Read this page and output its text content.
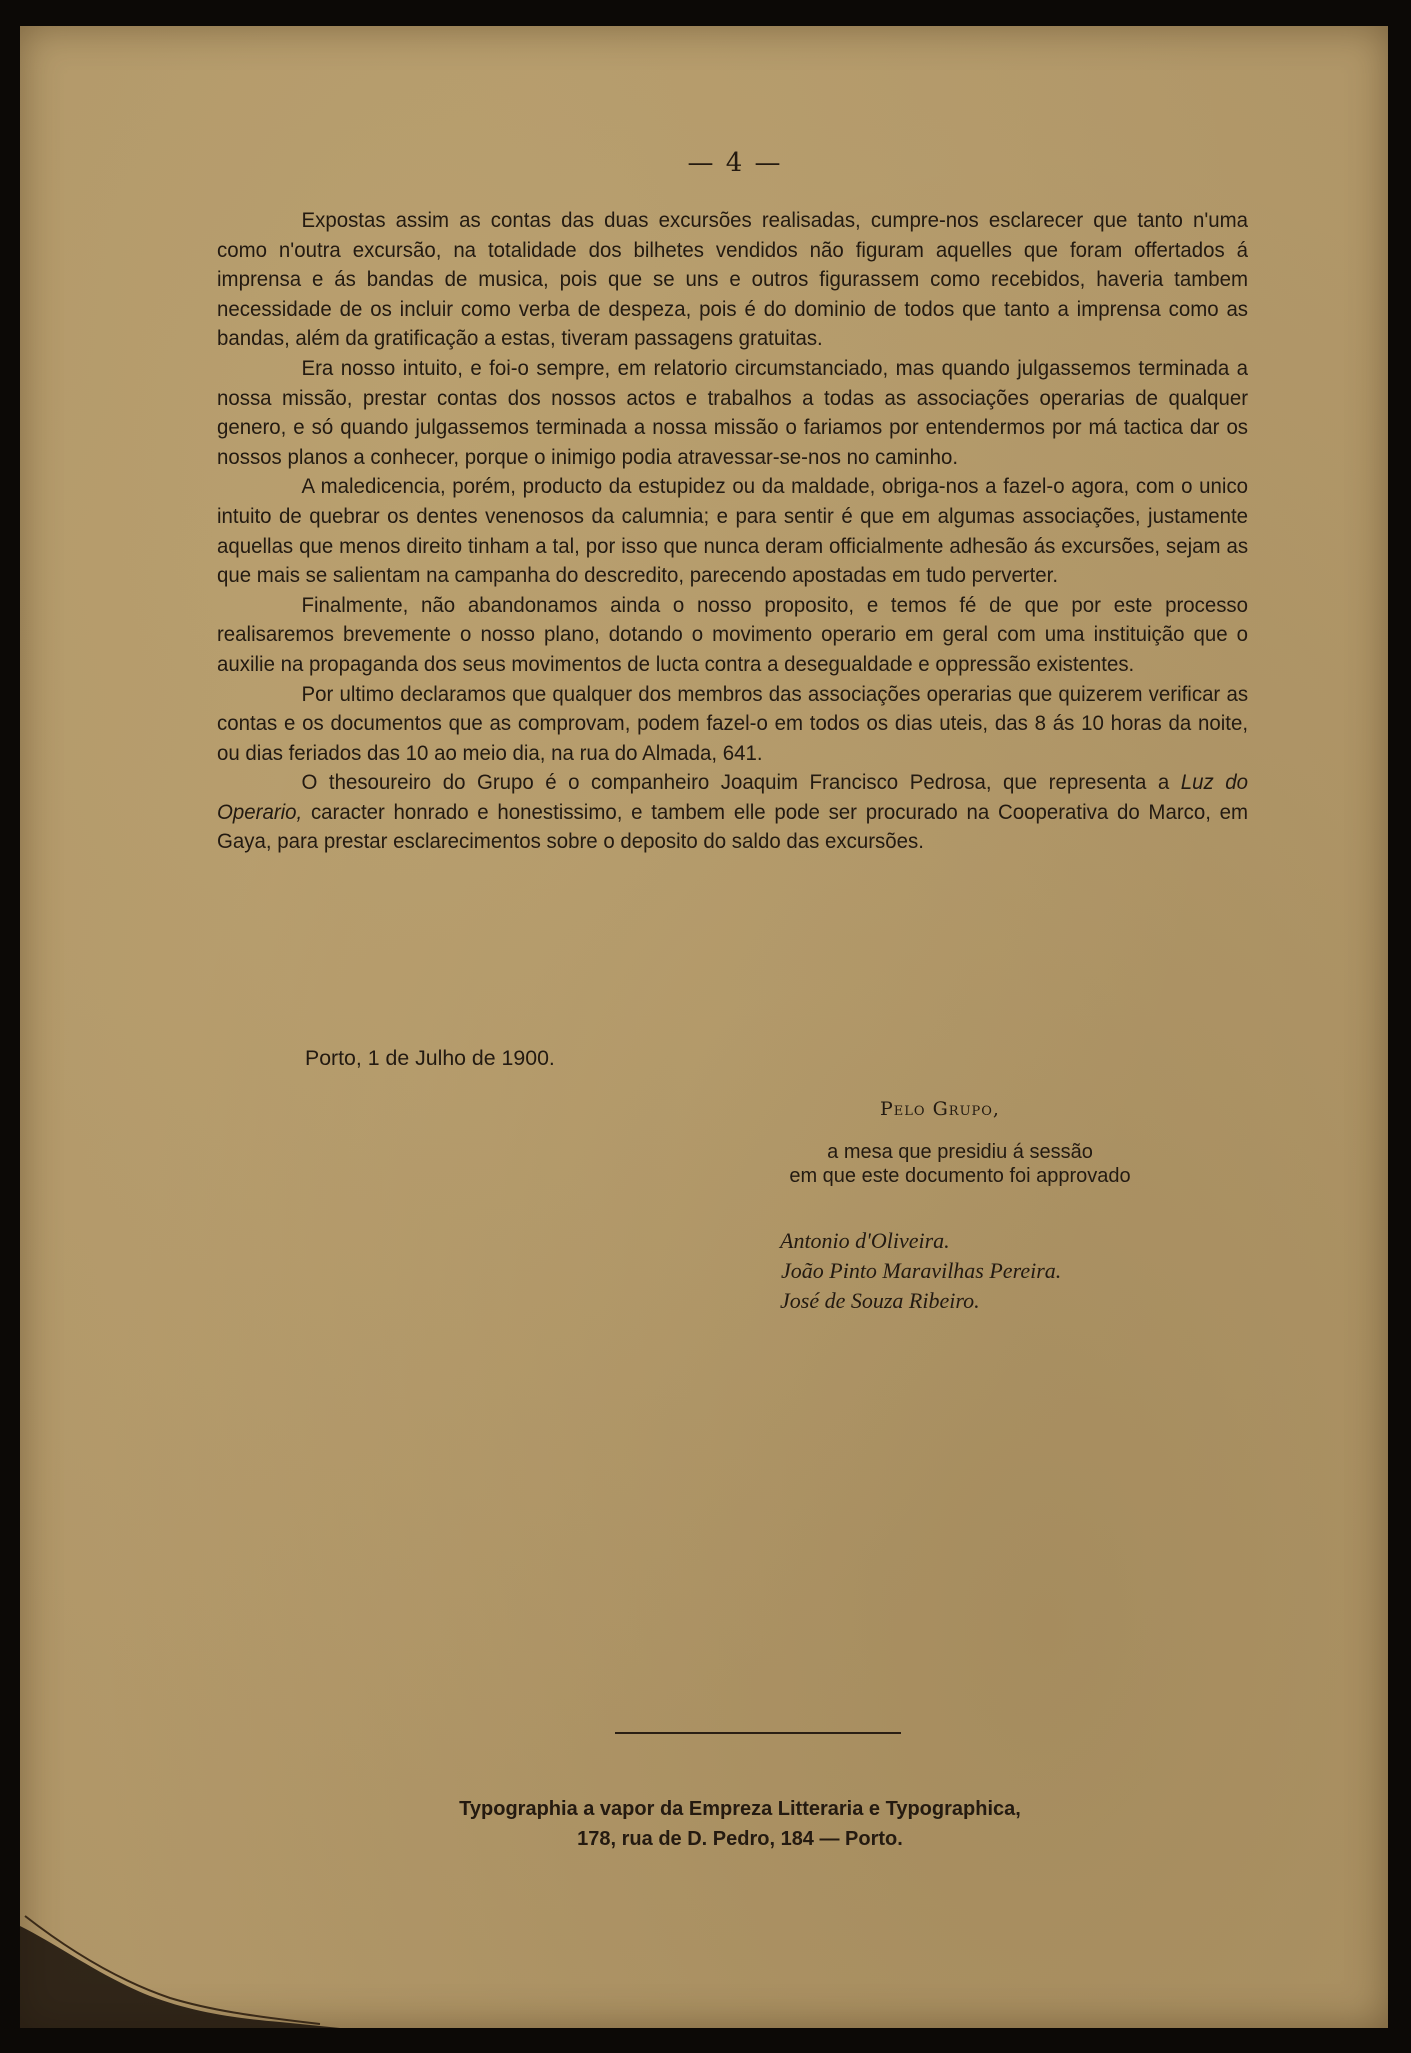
— 4 —

Expostas assim as contas das duas excursões realisadas, cumpre-nos esclarecer que tanto n'uma como n'outra excursão, na totalidade dos bilhetes vendidos não figuram aquelles que foram offertados á imprensa e ás bandas de musica, pois que se uns e outros figurassem como recebidos, haveria tambem necessidade de os incluir como verba de despeza, pois é do dominio de todos que tanto a imprensa como as bandas, além da gratificação a estas, tiveram passagens gratuitas.

Era nosso intuito, e foi-o sempre, em relatorio circumstanciado, mas quando julgassemos terminada a nossa missão, prestar contas dos nossos actos e trabalhos a todas as associações operarias de qualquer genero, e só quando julgassemos terminada a nossa missão o fariamos por entendermos por má tactica dar os nossos planos a conhecer, porque o inimigo podia atravessar-se-nos no caminho.

A maledicencia, porém, producto da estupidez ou da maldade, obriga-nos a fazel-o agora, com o unico intuito de quebrar os dentes venenosos da calumnia; e para sentir é que em algumas associações, justamente aquellas que menos direito tinham a tal, por isso que nunca deram officialmente adhesão ás excursões, sejam as que mais se salientam na campanha do descredito, parecendo apostadas em tudo perverter.

Finalmente, não abandonamos ainda o nosso proposito, e temos fé de que por este processo realisaremos brevemente o nosso plano, dotando o movimento operario em geral com uma instituição que o auxilie na propaganda dos seus movimentos de lucta contra a desegualdade e oppressão existentes.

Por ultimo declaramos que qualquer dos membros das associações operarias que quizerem verificar as contas e os documentos que as comprovam, podem fazel-o em todos os dias uteis, das 8 ás 10 horas da noite, ou dias feriados das 10 ao meio dia, na rua do Almada, 641.

O thesoureiro do Grupo é o companheiro Joaquim Francisco Pedrosa, que representa a Luz do Operario, caracter honrado e honestissimo, e tambem elle pode ser procurado na Cooperativa do Marco, em Gaya, para prestar esclarecimentos sobre o deposito do saldo das excursões.

Porto, 1 de Julho de 1900.
Pelo Grupo,
a mesa que presidiu á sessão
em que este documento foi approvado
Antonio d'Oliveira.
João Pinto Maravilhas Pereira.
José de Souza Ribeiro.
Typographia a vapor da Empreza Litteraria e Typographica,
178, rua de D. Pedro, 184 — Porto.
